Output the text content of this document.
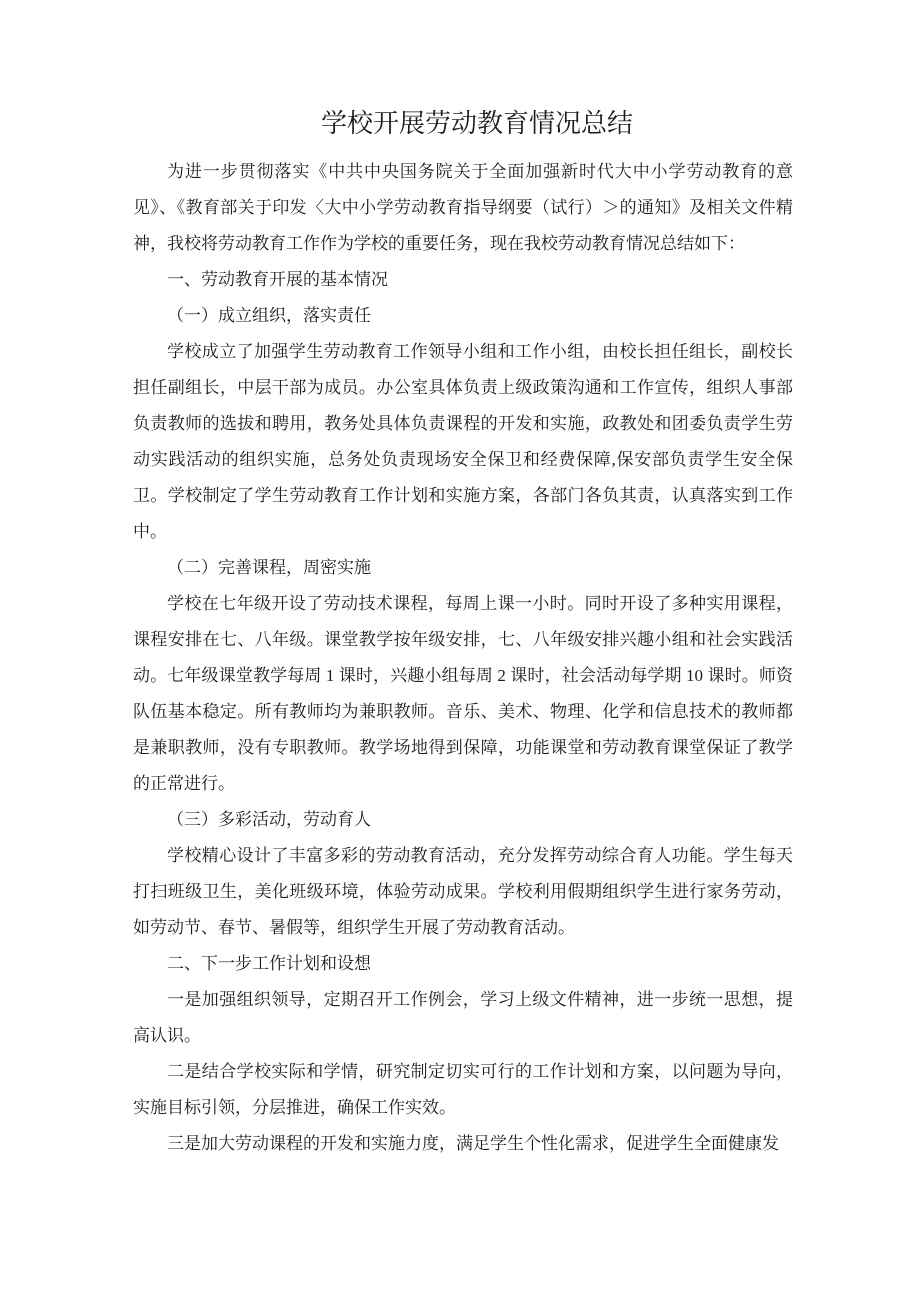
学校开展劳动教育情况总结

为进一步贯彻落实《中共中央国务院关于全面加强新时代大中小学劳动教育的意见》、《教育部关于印发〈大中小学劳动教育指导纲要（试行）＞的通知》及相关文件精神，我校将劳动教育工作作为学校的重要任务，现在我校劳动教育情况总结如下：

一、劳动教育开展的基本情况

（一）成立组织，落实责任

学校成立了加强学生劳动教育工作领导小组和工作小组，由校长担任组长，副校长担任副组长，中层干部为成员。办公室具体负责上级政策沟通和工作宣传，组织人事部负责教师的选拔和聘用，教务处具体负责课程的开发和实施，政教处和团委负责学生劳动实践活动的组织实施，总务处负责现场安全保卫和经费保障,保安部负责学生安全保卫。学校制定了学生劳动教育工作计划和实施方案，各部门各负其责，认真落实到工作中。

（二）完善课程，周密实施

学校在七年级开设了劳动技术课程，每周上课一小时。同时开设了多种实用课程，课程安排在七、八年级。课堂教学按年级安排，七、八年级安排兴趣小组和社会实践活动。七年级课堂教学每周 1 课时，兴趣小组每周 2 课时，社会活动每学期 10 课时。师资队伍基本稳定。所有教师均为兼职教师。音乐、美术、物理、化学和信息技术的教师都是兼职教师，没有专职教师。教学场地得到保障，功能课堂和劳动教育课堂保证了教学的正常进行。

（三）多彩活动，劳动育人

学校精心设计了丰富多彩的劳动教育活动，充分发挥劳动综合育人功能。学生每天打扫班级卫生，美化班级环境，体验劳动成果。学校利用假期组织学生进行家务劳动，如劳动节、春节、暑假等，组织学生开展了劳动教育活动。

二、下一步工作计划和设想

一是加强组织领导，定期召开工作例会，学习上级文件精神，进一步统一思想，提高认识。

二是结合学校实际和学情，研究制定切实可行的工作计划和方案，以问题为导向，实施目标引领，分层推进，确保工作实效。

三是加大劳动课程的开发和实施力度，满足学生个性化需求，促进学生全面健康发
